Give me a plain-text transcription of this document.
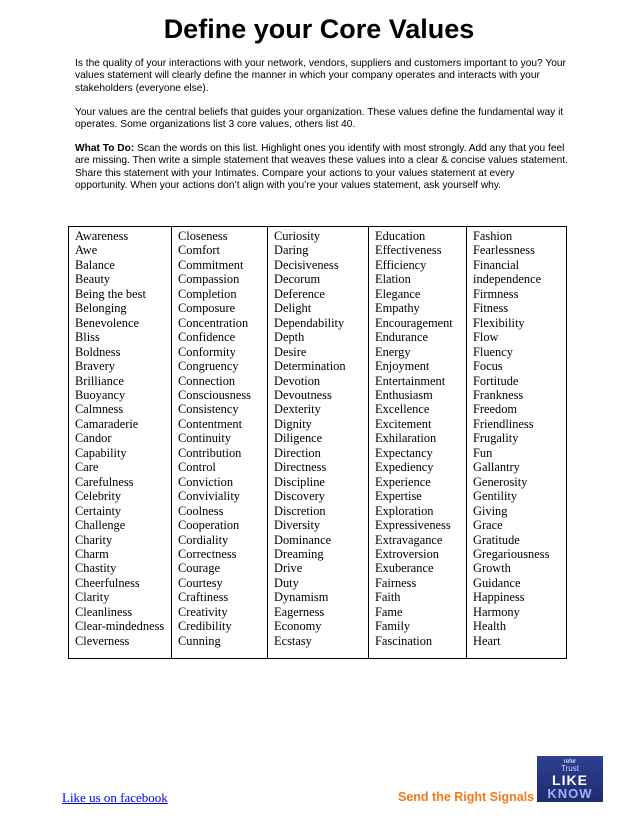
Define your Core Values
Is the quality of your interactions with your network, vendors, suppliers and customers important to you? Your values statement will clearly define the manner in which your company operates and interacts with your stakeholders (everyone else).
Your values are the central beliefs that guides your organization. These values define the fundamental way it operates. Some organizations list 3 core values, others list 40.
What To Do: Scan the words on this list. Highlight ones you identify with most strongly. Add any that you feel are missing. Then write a simple statement that weaves these values into a clear & concise values statement. Share this statement with your Intimates. Compare your actions to your values statement at every opportunity. When your actions don’t align with you’re your values statement, ask yourself why.
Awareness
Awe
Balance
Beauty
Being the best
Belonging
Benevolence
Bliss
Boldness
Bravery
Brilliance
Buoyancy
Calmness
Camaraderie
Candor
Capability
Care
Carefulness
Celebrity
Certainty
Challenge
Charity
Charm
Chastity
Cheerfulness
Clarity
Cleanliness
Clear-mindedness
Cleverness
Closeness
Comfort
Commitment
Compassion
Completion
Composure
Concentration
Confidence
Conformity
Congruency
Connection
Consciousness
Consistency
Contentment
Continuity
Contribution
Control
Conviction
Conviviality
Coolness
Cooperation
Cordiality
Correctness
Courage
Courtesy
Craftiness
Creativity
Credibility
Cunning
Curiosity
Daring
Decisiveness
Decorum
Deference
Delight
Dependability
Depth
Desire
Determination
Devotion
Devoutness
Dexterity
Dignity
Diligence
Direction
Directness
Discipline
Discovery
Discretion
Diversity
Dominance
Dreaming
Drive
Duty
Dynamism
Eagerness
Economy
Ecstasy
Education
Effectiveness
Efficiency
Elation
Elegance
Empathy
Encouragement
Endurance
Energy
Enjoyment
Entertainment
Enthusiasm
Excellence
Excitement
Exhilaration
Expectancy
Expediency
Experience
Expertise
Exploration
Expressiveness
Extravagance
Extroversion
Exuberance
Fairness
Faith
Fame
Family
Fascination
Fashion
Fearlessness
Financial
independence
Firmness
Fitness
Flexibility
Flow
Fluency
Focus
Fortitude
Frankness
Freedom
Friendliness
Frugality
Fun
Gallantry
Generosity
Gentility
Giving
Grace
Gratitude
Gregariousness
Growth
Guidance
Happiness
Harmony
Health
Heart
Like us on facebook	Send the Right Signals
refer
Trust
LIKE
KNOW
